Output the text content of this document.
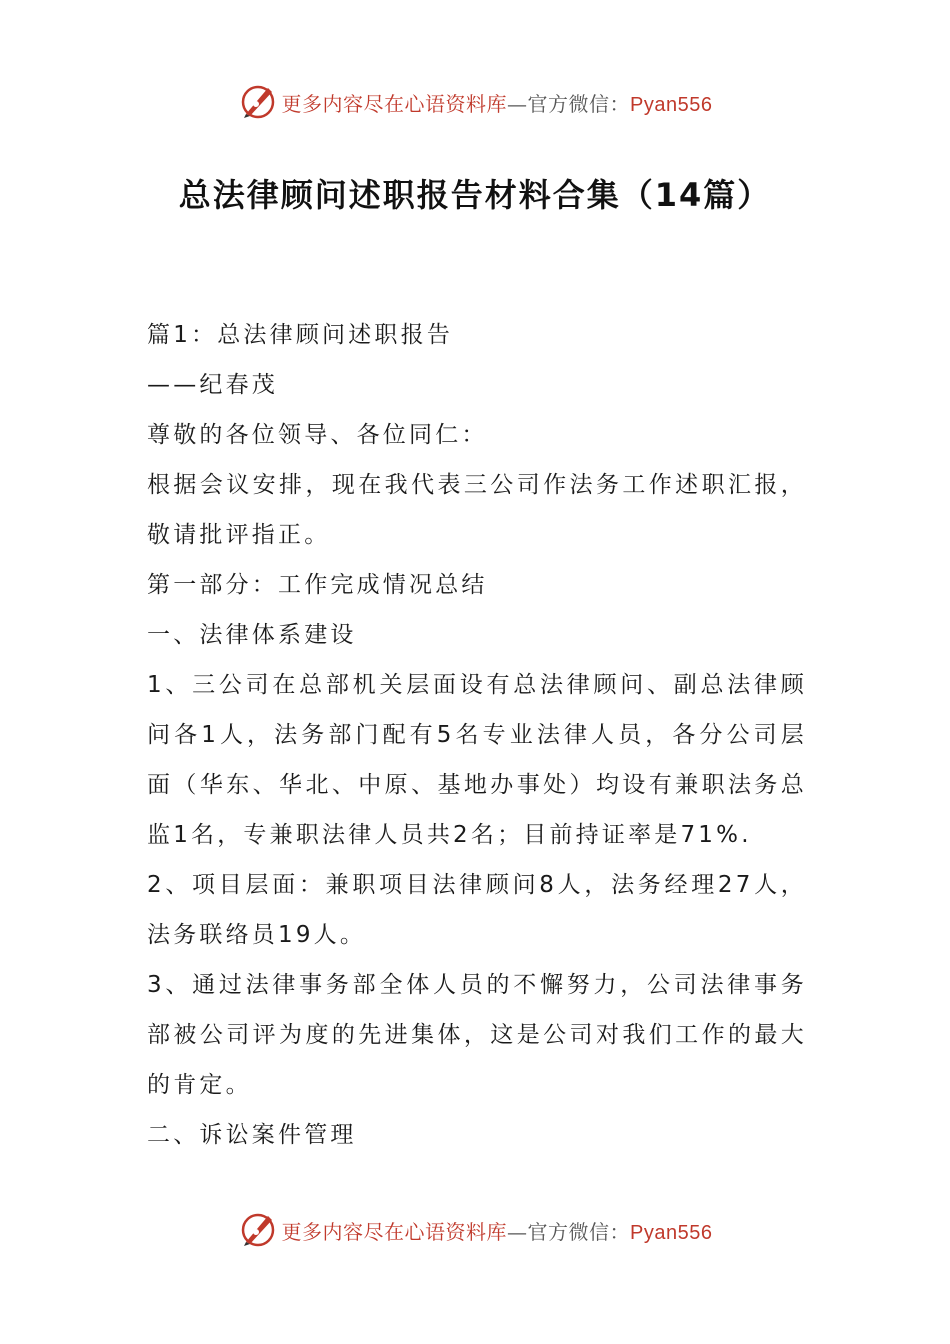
更多内容尽在心语资料库—官方微信：Pyan556
总法律顾问述职报告材料合集（14篇）

篇1：总法律顾问述职报告

——纪春茂

尊敬的各位领导、各位同仁：

根据会议安排，现在我代表三公司作法务工作述职汇报，敬请批评指正。

第一部分：工作完成情况总结

一、法律体系建设

1、三公司在总部机关层面设有总法律顾问、副总法律顾问各1人，法务部门配有5名专业法律人员，各分公司层面（华东、华北、中原、基地办事处）均设有兼职法务总监1名，专兼职法律人员共2名；目前持证率是71%.

2、项目层面：兼职项目法律顾问8人，法务经理27人，法务联络员19人。

3、通过法律事务部全体人员的不懈努力，公司法律事务部被公司评为度的先进集体，这是公司对我们工作的最大的肯定。

二、诉讼案件管理

更多内容尽在心语资料库—官方微信：Pyan556
